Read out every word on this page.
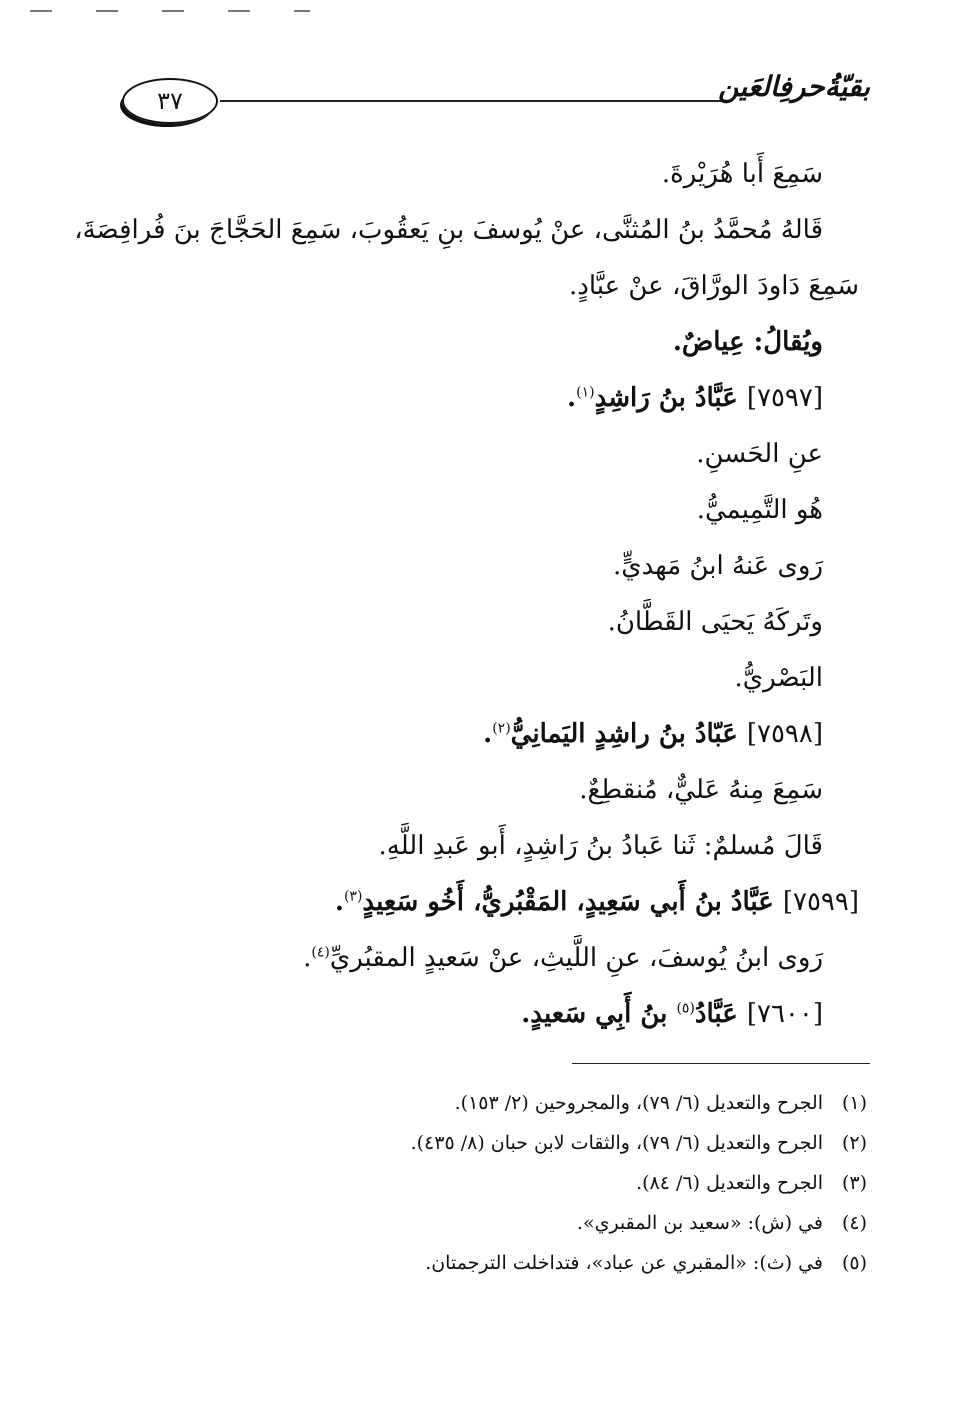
٣٧	بقيّةُحرفِالعَين
سَمِعَ أَبا هُرَيْرةَ.
قَالهُ مُحمَّدُ بنُ المُثنَّى، عنْ يُوسفَ بنِ يَعقُوبَ، سَمِعَ الحَجَّاجَ بنَ فُرافِصَةَ،
سَمِعَ دَاودَ الورَّاقَ، عنْ عبَّادٍ.
ويُقالُ: عِياضٌ.
[٧٥٩٧] عَبَّادُ بنُ رَاشِدٍ$^{(١)}$.
عنِ الحَسنِ.
هُو التَّمِيميُّ.
رَوى عَنهُ ابنُ مَهديٍّ.
وتَركَهُ يَحيَى القَطَّانُ.
البَصْريُّ.
[٧٥٩٨] عَبّادُ بنُ راشِدٍ اليَمانِيُّ$^{(٢)}$.
سَمِعَ مِنهُ عَليٌّ، مُنقطِعٌ.
قَالَ مُسلمٌ: ثَنا عَبادُ بنُ رَاشِدٍ، أَبو عَبدِ اللَّهِ.
[٧٥٩٩] عَبَّادُ بنُ أَبي سَعِيدٍ، المَقْبُريُّ، أَخُو سَعِيدٍ$^{(٣)}$.
رَوى ابنُ يُوسفَ، عنِ اللَّيثِ، عنْ سَعيدٍ المقبُريِّ$^{(٤)}$.
[٧٦٠٠] عَبَّادُ$^{(٥)}$ بنُ أَبِي سَعيدٍ.
(١)الجرح والتعديل (٦/ ٧٩)، والمجروحين (٢/ ١٥٣).
(٢)الجرح والتعديل (٦/ ٧٩)، والثقات لابن حبان (٨/ ٤٣٥).
(٣)الجرح والتعديل (٦/ ٨٤).
(٤)في (ش): «سعيد بن المقبري».
(٥)في (ث): «المقبري عن عباد»، فتداخلت الترجمتان.
